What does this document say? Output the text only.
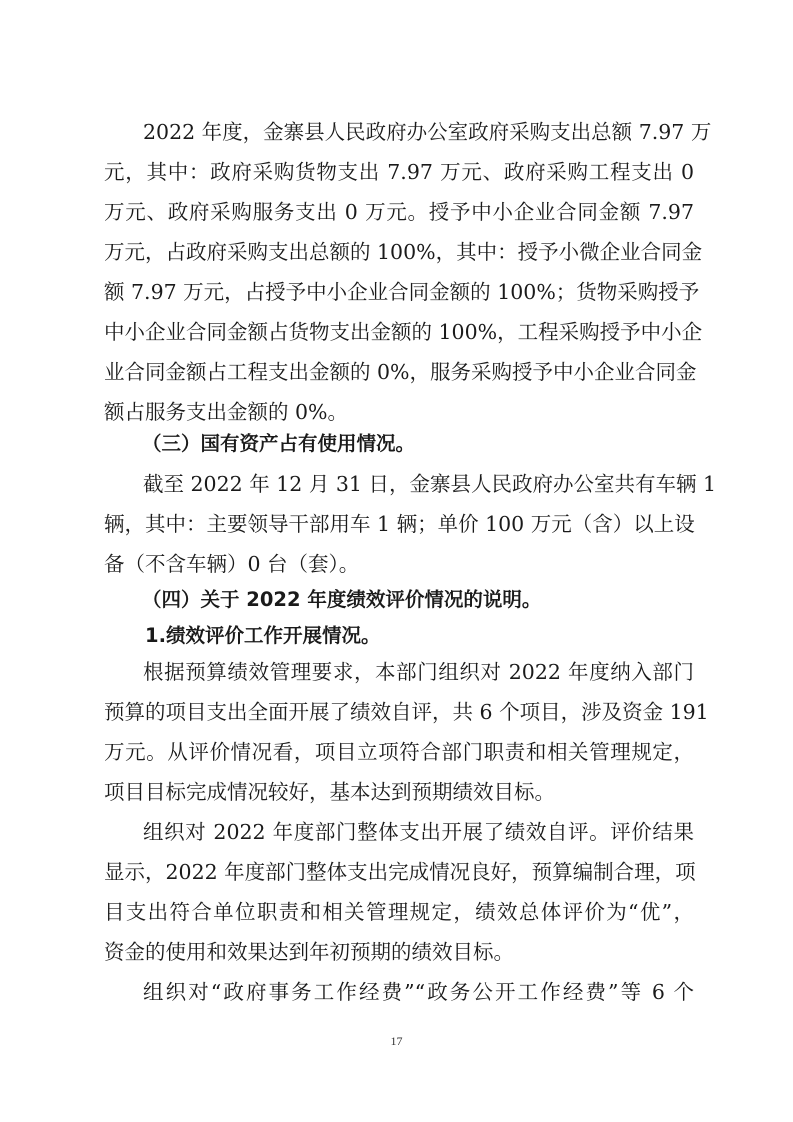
2022 年度，金寨县人民政府办公室政府采购支出总额 7.97 万
元，其中：政府采购货物支出 7.97 万元、政府采购工程支出 0
万元、政府采购服务支出 0 万元。授予中小企业合同金额 7.97
万元，占政府采购支出总额的 100%，其中：授予小微企业合同金
额 7.97 万元，占授予中小企业合同金额的 100%；货物采购授予
中小企业合同金额占货物支出金额的 100%，工程采购授予中小企
业合同金额占工程支出金额的 0%，服务采购授予中小企业合同金
额占服务支出金额的 0%。
（三）国有资产占有使用情况。
截至 2022 年 12 月 31 日，金寨县人民政府办公室共有车辆 1
辆，其中：主要领导干部用车 1 辆；单价 100 万元（含）以上设
备（不含车辆）0 台（套）。
（四）关于 2022 年度绩效评价情况的说明。
1.绩效评价工作开展情况。
根据预算绩效管理要求，本部门组织对 2022 年度纳入部门
预算的项目支出全面开展了绩效自评，共 6 个项目，涉及资金 191
万元。从评价情况看，项目立项符合部门职责和相关管理规定，
项目目标完成情况较好，基本达到预期绩效目标。
组织对 2022 年度部门整体支出开展了绩效自评。评价结果
显示，2022 年度部门整体支出完成情况良好，预算编制合理，项
目支出符合单位职责和相关管理规定，绩效总体评价为“优”，
资金的使用和效果达到年初预期的绩效目标。
组织对“政府事务工作经费”“政务公开工作经费”等 6 个
17
